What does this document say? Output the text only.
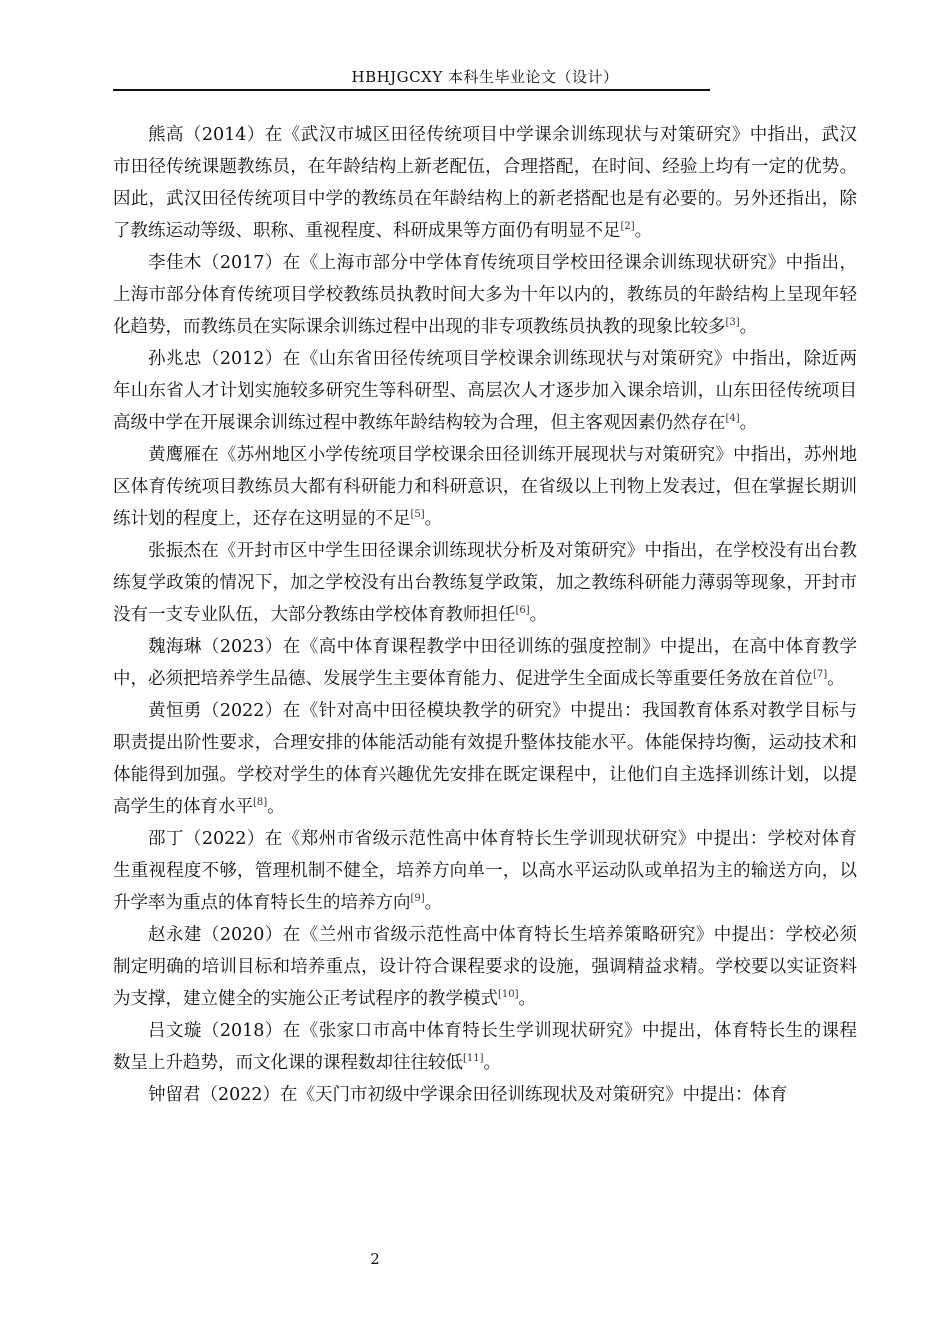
HBHJGCXY 本科生毕业论文（设计）

熊高（2014）在《武汉市城区田径传统项目中学课余训练现状与对策研究》中指出，武汉市田径传统课题教练员，在年龄结构上新老配伍，合理搭配，在时间、经验上均有一定的优势。因此，武汉田径传统项目中学的教练员在年龄结构上的新老搭配也是有必要的。另外还指出，除了教练运动等级、职称、重视程度、科研成果等方面仍有明显不足[2]。

李佳木（2017）在《上海市部分中学体育传统项目学校田径课余训练现状研究》中指出，上海市部分体育传统项目学校教练员执教时间大多为十年以内的，教练员的年龄结构上呈现年轻化趋势，而教练员在实际课余训练过程中出现的非专项教练员执教的现象比较多[3]。

孙兆忠（2012）在《山东省田径传统项目学校课余训练现状与对策研究》中指出，除近两年山东省人才计划实施较多研究生等科研型、高层次人才逐步加入课余培训，山东田径传统项目高级中学在开展课余训练过程中教练年龄结构较为合理，但主客观因素仍然存在[4]。

黄鹰雁在《苏州地区小学传统项目学校课余田径训练开展现状与对策研究》中指出，苏州地区体育传统项目教练员大都有科研能力和科研意识，在省级以上刊物上发表过，但在掌握长期训练计划的程度上，还存在这明显的不足[5]。

张振杰在《开封市区中学生田径课余训练现状分析及对策研究》中指出，在学校没有出台教练复学政策的情况下，加之学校没有出台教练复学政策，加之教练科研能力薄弱等现象，开封市没有一支专业队伍，大部分教练由学校体育教师担任[6]。

魏海琳（2023）在《高中体育课程教学中田径训练的强度控制》中提出，在高中体育教学中，必须把培养学生品德、发展学生主要体育能力、促进学生全面成长等重要任务放在首位[7]。

黄恒勇（2022）在《针对高中田径模块教学的研究》中提出：我国教育体系对教学目标与职责提出阶性要求，合理安排的体能活动能有效提升整体技能水平。体能保持均衡，运动技术和体能得到加强。学校对学生的体育兴趣优先安排在既定课程中，让他们自主选择训练计划，以提高学生的体育水平[8]。

邵丁（2022）在《郑州市省级示范性高中体育特长生学训现状研究》中提出：学校对体育生重视程度不够，管理机制不健全，培养方向单一，以高水平运动队或单招为主的输送方向，以升学率为重点的体育特长生的培养方向[9]。

赵永建（2020）在《兰州市省级示范性高中体育特长生培养策略研究》中提出：学校必须制定明确的培训目标和培养重点，设计符合课程要求的设施，强调精益求精。学校要以实证资料为支撑，建立健全的实施公正考试程序的教学模式[10]。

吕文璇（2018）在《张家口市高中体育特长生学训现状研究》中提出，体育特长生的课程数呈上升趋势，而文化课的课程数却往往较低[11]。

钟留君（2022）在《天门市初级中学课余田径训练现状及对策研究》中提出：体育

2
